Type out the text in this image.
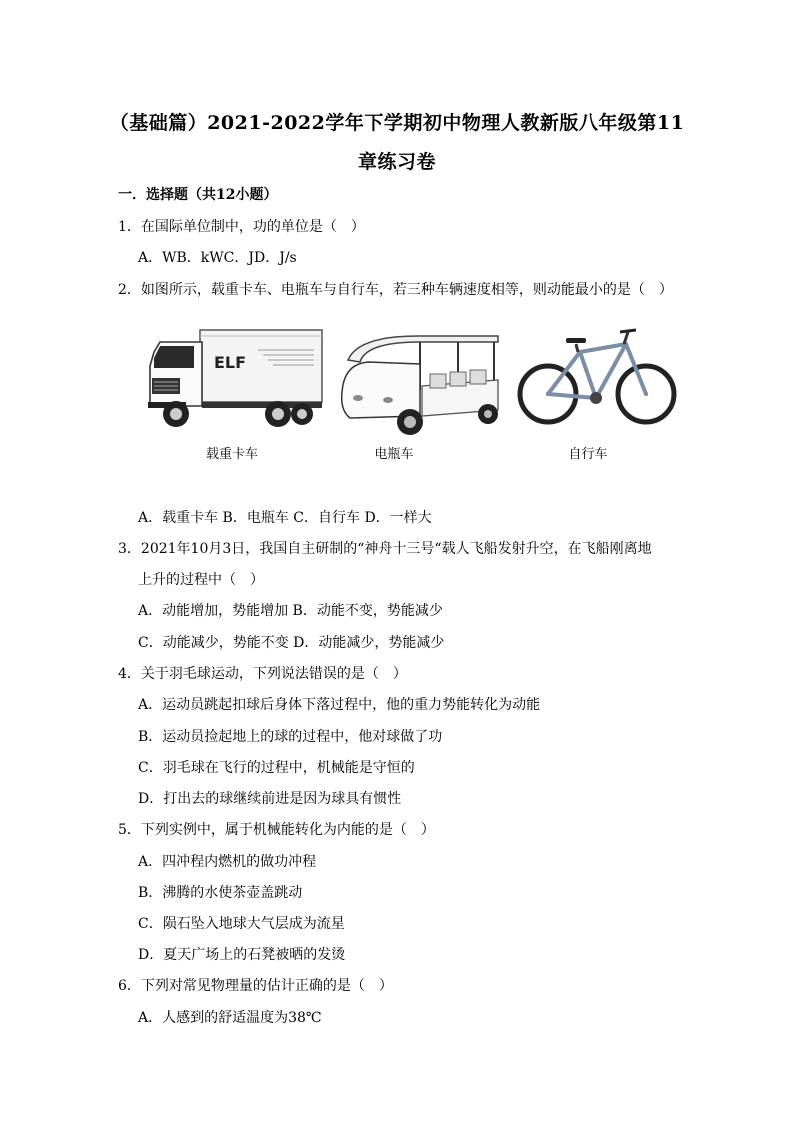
（基础篇）2021-2022学年下学期初中物理人教新版八年级第11
章练习卷
一．选择题（共12小题）
1．在国际单位制中，功的单位是（　）
A．WB．kWC．JD．J/s
2．如图所示，载重卡车、电瓶车与自行车，若三种车辆速度相等，则动能最小的是（　）
ELF
载重卡车	电瓶车	自行车
A．载重卡车 B．电瓶车 C．自行车 D．一样大
3．2021年10月3日，我国自主研制的“神舟十三号“载人飞船发射升空，在飞船刚离地
上升的过程中（　）
A．动能增加，势能增加 B．动能不变，势能减少
C．动能减少，势能不变 D．动能减少，势能减少
4．关于羽毛球运动，下列说法错误的是（　）
A．运动员跳起扣球后身体下落过程中，他的重力势能转化为动能
B．运动员捡起地上的球的过程中，他对球做了功
C．羽毛球在飞行的过程中，机械能是守恒的
D．打出去的球继续前进是因为球具有惯性
5．下列实例中，属于机械能转化为内能的是（　）
A．四冲程内燃机的做功冲程
B．沸腾的水使茶壶盖跳动
C．陨石坠入地球大气层成为流星
D．夏天广场上的石凳被晒的发烫
6．下列对常见物理量的估计正确的是（　）
A．人感到的舒适温度为38℃
